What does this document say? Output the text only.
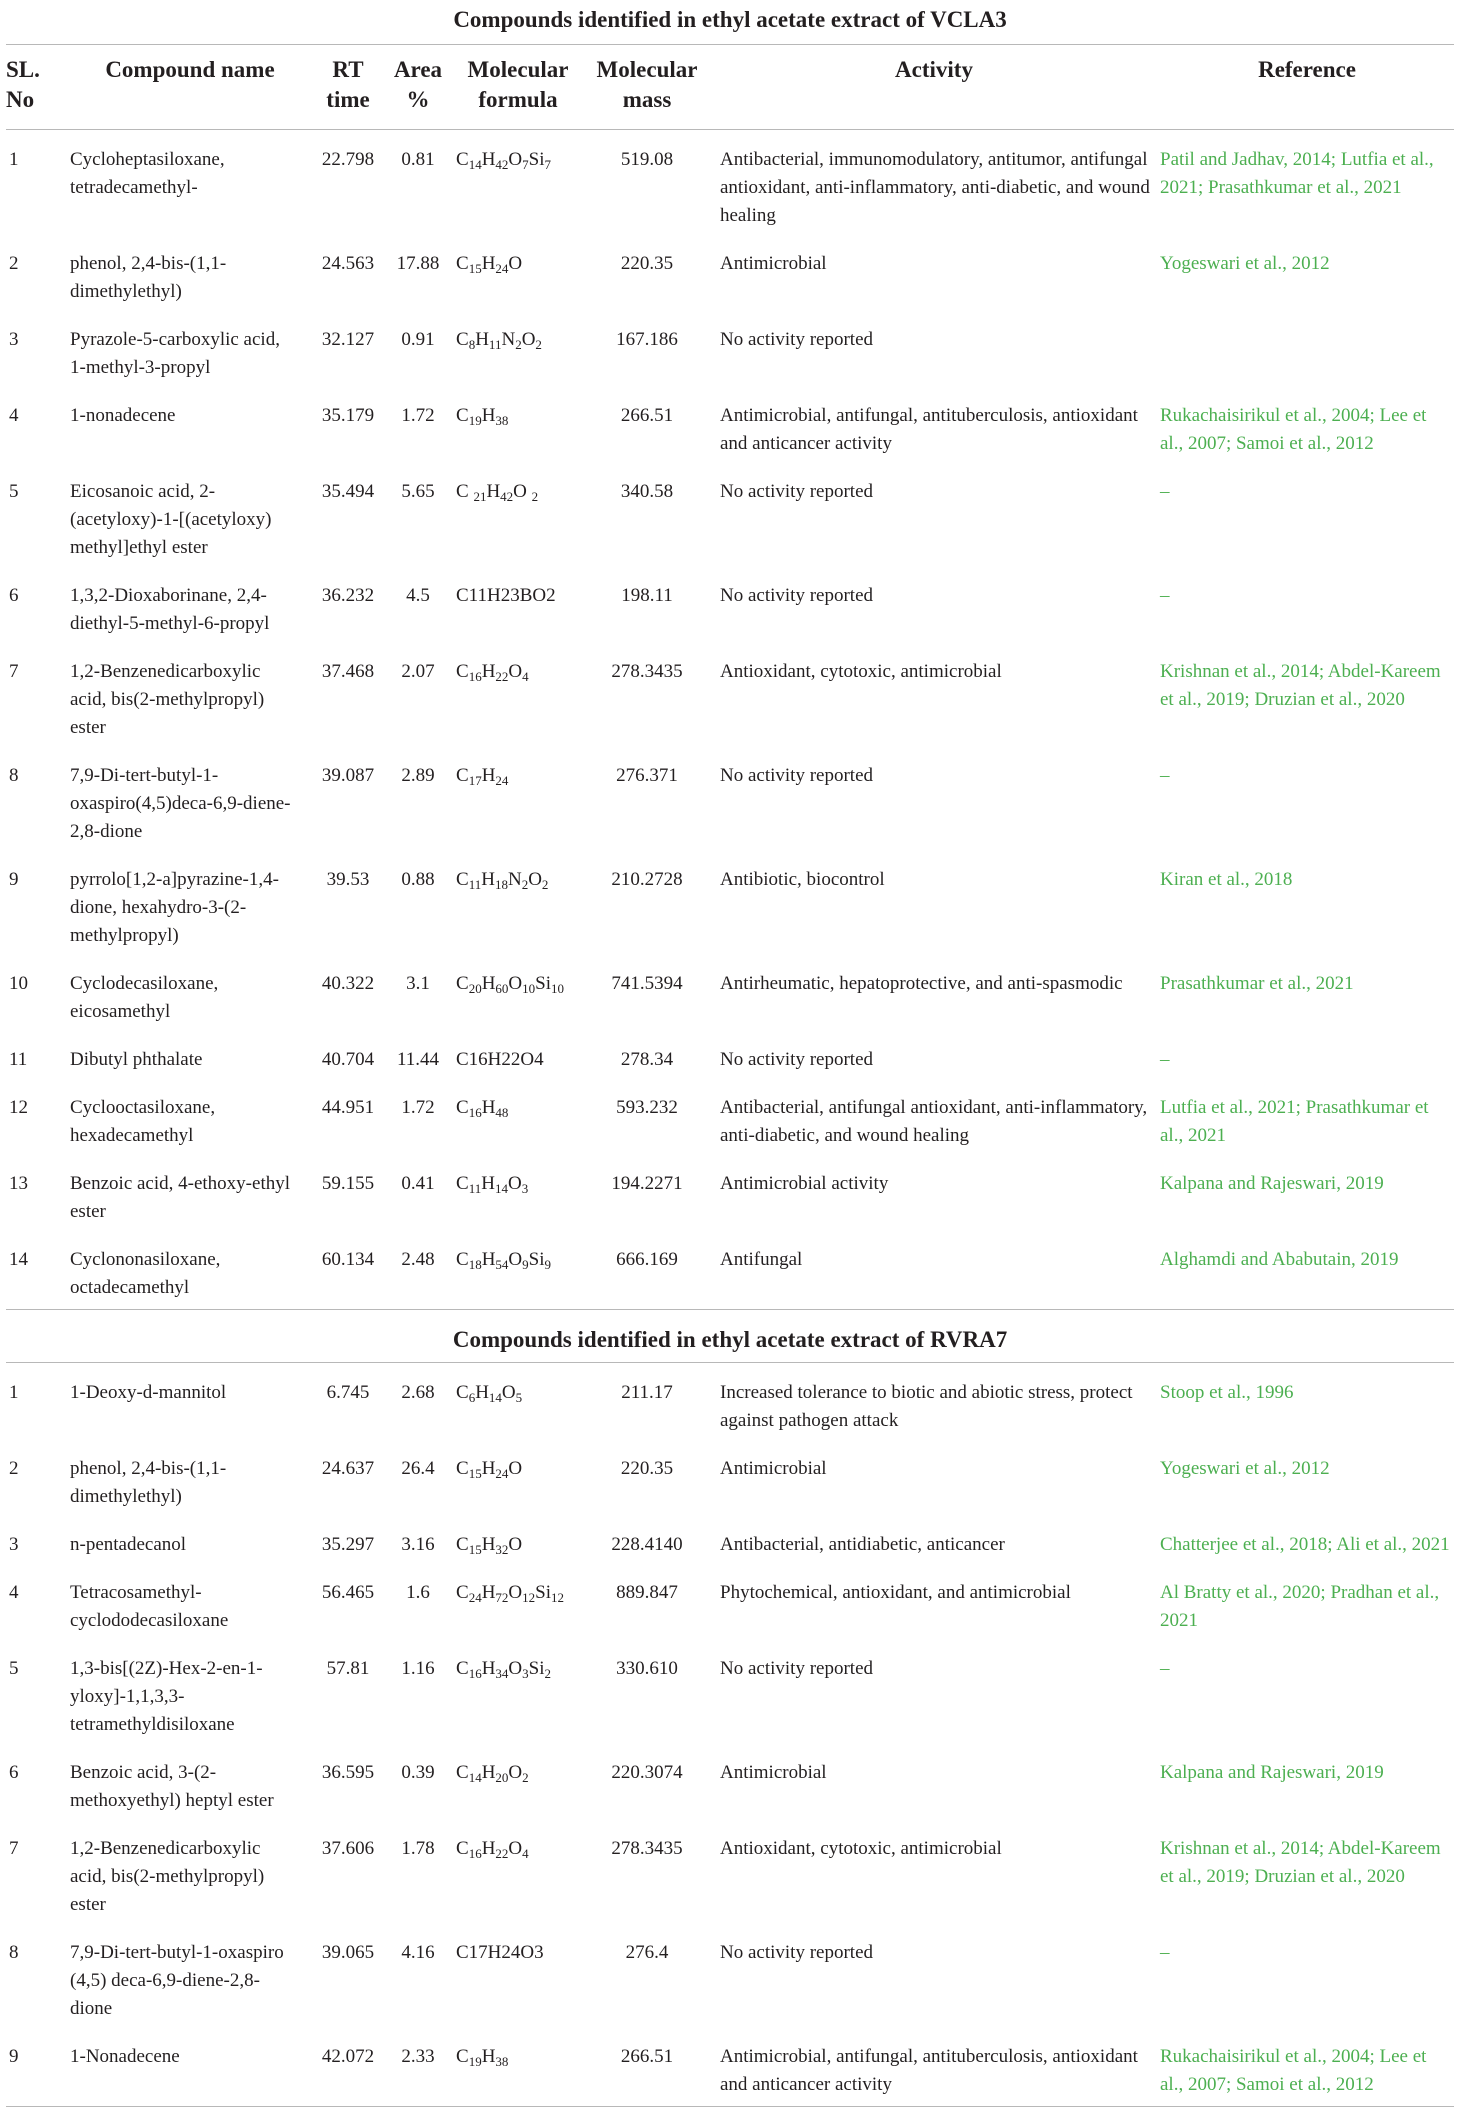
Compounds identified in ethyl acetate extract of VCLA3							
SL. No	Compound name	RT time	Area %	Molecular formula	Molecular mass	Activity	Reference
1	Cycloheptasiloxane, tetradecamethyl-	22.798	0.81	$C_{14}H_{42}O_7Si_7$	519.08	Antibacterial, immunomodulatory, antitumor, antifungal antioxidant, anti-inflammatory, anti-diabetic, and wound healing	Patil and Jadhav, 2014; Lutfia et al., 2021; Prasathkumar et al., 2021
2	phenol, 2,4-bis-(1,1-dimethylethyl)	24.563	17.88	$C_{15}H_{24}O$	220.35	Antimicrobial	Yogeswari et al., 2012
3	Pyrazole-5-carboxylic acid, 1-methyl-3-propyl	32.127	0.91	$C_8H_{11}N_2O_2$	167.186	No activity reported	
4	1-nonadecene	35.179	1.72	$C_{19}H_{38}$	266.51	Antimicrobial, antifungal, antituberculosis, antioxidant and anticancer activity	Rukachaisirikul et al., 2004; Lee et al., 2007; Samoi et al., 2012
5	Eicosanoic acid, 2-(acetyloxy)-1-[(acetyloxy) methyl]ethyl ester	35.494	5.65	C $_{21}H_{42}O$ $_2$	340.58	No activity reported	–
6	1,3,2-Dioxaborinane, 2,4-diethyl-5-methyl-6-propyl	36.232	4.5	C11H23BO2	198.11	No activity reported	–
7	1,2-Benzenedicarboxylic acid, bis(2-methylpropyl) ester	37.468	2.07	$C_{16}H_{22}O_4$	278.3435	Antioxidant, cytotoxic, antimicrobial	Krishnan et al., 2014; Abdel-Kareem et al., 2019; Druzian et al., 2020
8	7,9-Di-tert-butyl-1-oxaspiro(4,5)deca-6,9-diene-2,8-dione	39.087	2.89	$C_{17}H_{24}$	276.371	No activity reported	–
9	pyrrolo[1,2-a]pyrazine-1,4-dione, hexahydro-3-(2-methylpropyl)	39.53	0.88	$C_{11}H_{18}N_2O_2$	210.2728	Antibiotic, biocontrol	Kiran et al., 2018
10	Cyclodecasiloxane, eicosamethyl	40.322	3.1	$C_{20}H_{60}O_{10}Si_{10}$	741.5394	Antirheumatic, hepatoprotective, and anti-spasmodic	Prasathkumar et al., 2021
11	Dibutyl phthalate	40.704	11.44	C16H22O4	278.34	No activity reported	–
12	Cyclooctasiloxane, hexadecamethyl	44.951	1.72	$C_{16}H_{48}$	593.232	Antibacterial, antifungal antioxidant, anti-inflammatory, anti-diabetic, and wound healing	Lutfia et al., 2021; Prasathkumar et al., 2021
13	Benzoic acid, 4-ethoxy-ethyl ester	59.155	0.41	$C_{11}H_{14}O_3$	194.2271	Antimicrobial activity	Kalpana and Rajeswari, 2019
14	Cyclononasiloxane, octadecamethyl	60.134	2.48	$C_{18}H_{54}O_9Si_9$	666.169	Antifungal	Alghamdi and Ababutain, 2019
Compounds identified in ethyl acetate extract of RVRA7							
1	1-Deoxy-d-mannitol	6.745	2.68	$C_6H_{14}O_5$	211.17	Increased tolerance to biotic and abiotic stress, protect against pathogen attack	Stoop et al., 1996
2	phenol, 2,4-bis-(1,1-dimethylethyl)	24.637	26.4	$C_{15}H_{24}O$	220.35	Antimicrobial	Yogeswari et al., 2012
3	n-pentadecanol	35.297	3.16	$C_{15}H_{32}O$	228.4140	Antibacterial, antidiabetic, anticancer	Chatterjee et al., 2018; Ali et al., 2021
4	Tetracosamethyl-cyclododecasiloxane	56.465	1.6	$C_{24}H_{72}O_{12}Si_{12}$	889.847	Phytochemical, antioxidant, and antimicrobial	Al Bratty et al., 2020; Pradhan et al., 2021
5	1,3-bis[(2Z)-Hex-2-en-1-yloxy]-1,1,3,3-tetramethyldisiloxane	57.81	1.16	$C_{16}H_{34}O_3Si_2$	330.610	No activity reported	–
6	Benzoic acid, 3-(2-methoxyethyl) heptyl ester	36.595	0.39	$C_{14}H_{20}O_2$	220.3074	Antimicrobial	Kalpana and Rajeswari, 2019
7	1,2-Benzenedicarboxylic acid, bis(2-methylpropyl) ester	37.606	1.78	$C_{16}H_{22}O_4$	278.3435	Antioxidant, cytotoxic, antimicrobial	Krishnan et al., 2014; Abdel-Kareem et al., 2019; Druzian et al., 2020
8	7,9-Di-tert-butyl-1-oxaspiro (4,5) deca-6,9-diene-2,8-dione	39.065	4.16	C17H24O3	276.4	No activity reported	–
9	1-Nonadecene	42.072	2.33	$C_{19}H_{38}$	266.51	Antimicrobial, antifungal, antituberculosis, antioxidant and anticancer activity	Rukachaisirikul et al., 2004; Lee et al., 2007; Samoi et al., 2012
